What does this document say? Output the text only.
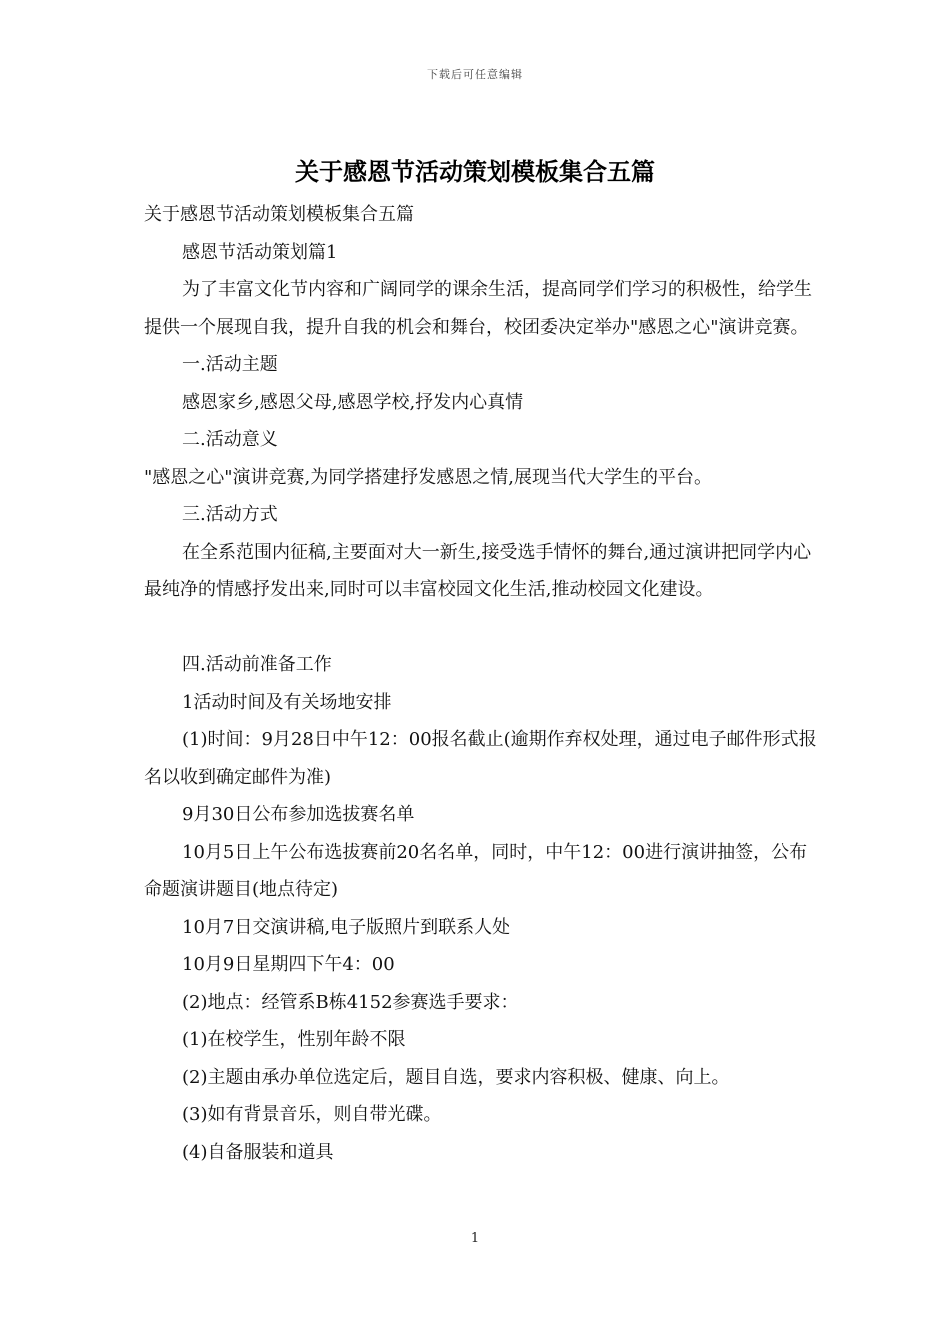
下载后可任意编辑
关于感恩节活动策划模板集合五篇

关于感恩节活动策划模板集合五篇

感恩节活动策划篇1

为了丰富文化节内容和广阔同学的课余生活，提高同学们学习的积极性，给学生提供一个展现自我，提升自我的机会和舞台，校团委决定举办"感恩之心"演讲竞赛。

一.活动主题

感恩家乡,感恩父母,感恩学校,抒发内心真情

二.活动意义

"感恩之心"演讲竞赛,为同学搭建抒发感恩之情,展现当代大学生的平台。

三.活动方式

在全系范围内征稿,主要面对大一新生,接受选手情怀的舞台,通过演讲把同学内心最纯净的情感抒发出来,同时可以丰富校园文化生活,推动校园文化建设。

四.活动前准备工作

1活动时间及有关场地安排

(1)时间：9月28日中午12：00报名截止(逾期作弃权处理，通过电子邮件形式报名以收到确定邮件为准)

9月30日公布参加选拔赛名单

10月5日上午公布选拔赛前20名名单，同时，中午12：00进行演讲抽签，公布命题演讲题目(地点待定)

10月7日交演讲稿,电子版照片到联系人处

10月9日星期四下午4：00

(2)地点：经管系B栋4152参赛选手要求：

(1)在校学生，性别年龄不限

(2)主题由承办单位选定后，题目自选，要求内容积极、健康、向上。

(3)如有背景音乐，则自带光碟。

(4)自备服装和道具

1
